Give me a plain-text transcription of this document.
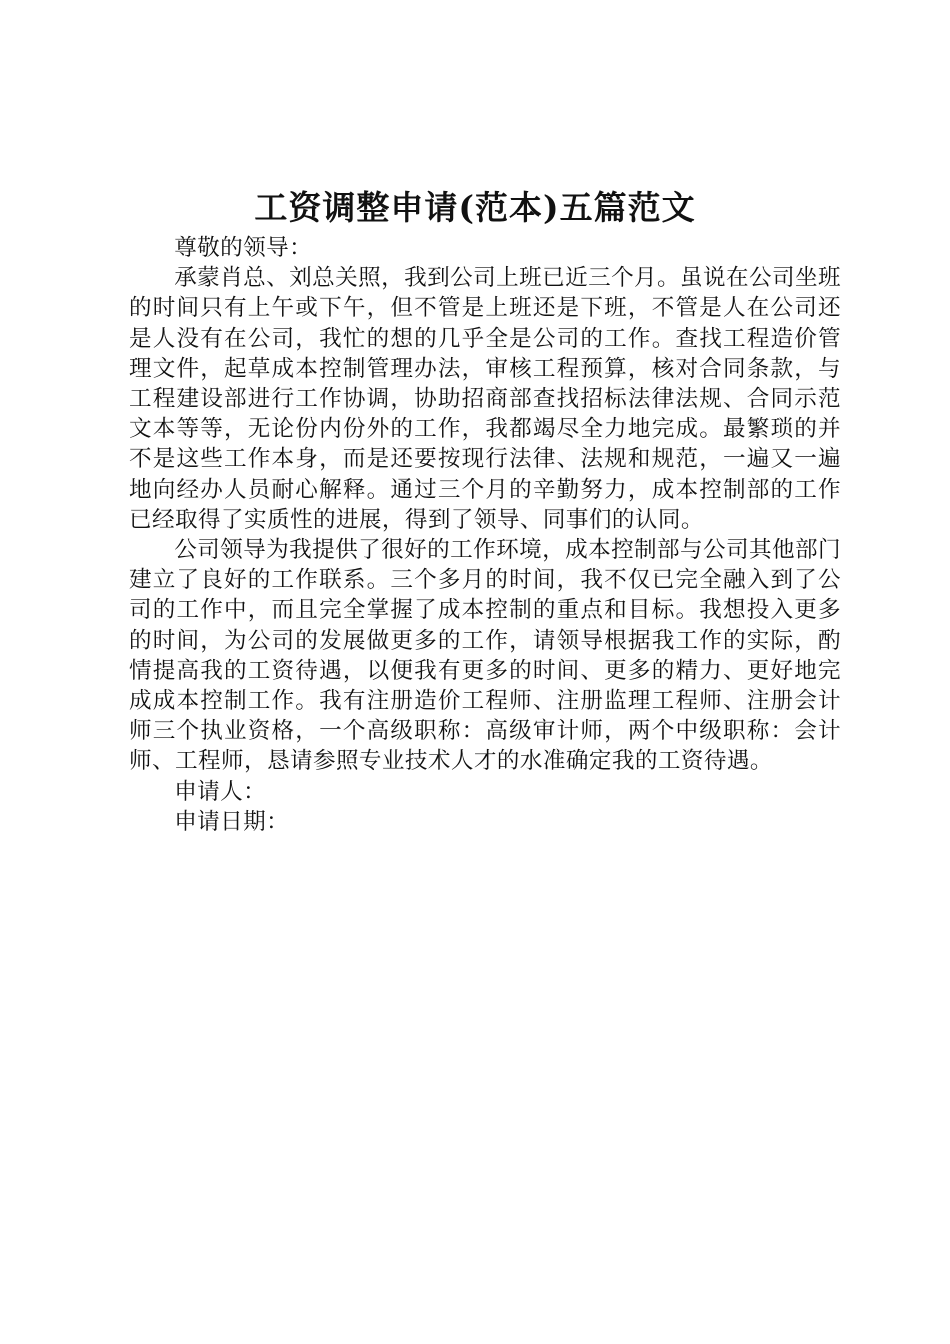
工资调整申请(范本)五篇范文

尊敬的领导：

承蒙肖总、刘总关照，我到公司上班已近三个月。虽说在公司坐班的时间只有上午或下午，但不管是上班还是下班，不管是人在公司还是人没有在公司，我忙的想的几乎全是公司的工作。查找工程造价管理文件，起草成本控制管理办法，审核工程预算，核对合同条款，与工程建设部进行工作协调，协助招商部查找招标法律法规、合同示范文本等等，无论份内份外的工作，我都竭尽全力地完成。最繁琐的并不是这些工作本身，而是还要按现行法律、法规和规范，一遍又一遍地向经办人员耐心解释。通过三个月的辛勤努力，成本控制部的工作已经取得了实质性的进展，得到了领导、同事们的认同。

公司领导为我提供了很好的工作环境，成本控制部与公司其他部门建立了良好的工作联系。三个多月的时间，我不仅已完全融入到了公司的工作中，而且完全掌握了成本控制的重点和目标。我想投入更多的时间，为公司的发展做更多的工作，请领导根据我工作的实际，酌情提高我的工资待遇，以便我有更多的时间、更多的精力、更好地完成成本控制工作。我有注册造价工程师、注册监理工程师、注册会计师三个执业资格，一个高级职称：高级审计师，两个中级职称：会计师、工程师，恳请参照专业技术人才的水准确定我的工资待遇。

申请人：

申请日期：
